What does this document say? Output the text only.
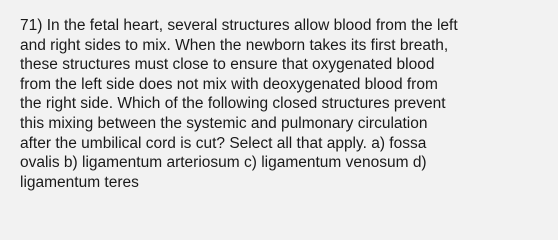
71) In the fetal heart, several structures allow blood from the left
and right sides to mix. When the newborn takes its first breath,
these structures must close to ensure that oxygenated blood
from the left side does not mix with deoxygenated blood from
the right side. Which of the following closed structures prevent
this mixing between the systemic and pulmonary circulation
after the umbilical cord is cut? Select all that apply. a) fossa
ovalis b) ligamentum arteriosum c) ligamentum venosum d)
ligamentum teres
